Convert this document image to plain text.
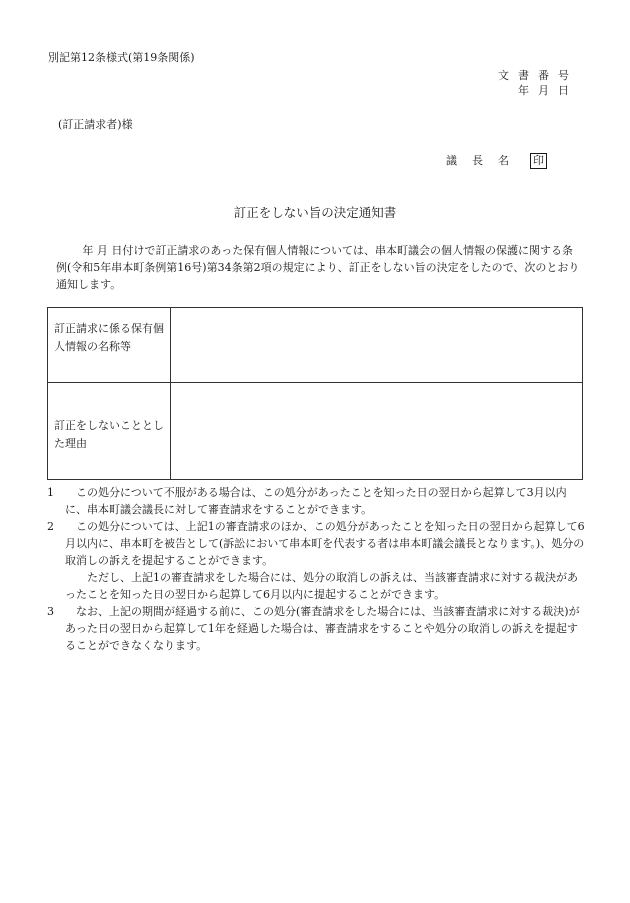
別記第12条様式(第19条関係)
文書番号
年月日
(訂正請求者)様
議 長 名 印
訂正をしない旨の決定通知書
年 月 日付けで訂正請求のあった保有個人情報については、串本町議会の個人情報の保護に関する条例(令和5年串本町条例第16号)第34条第2項の規定により、訂正をしない旨の決定をしたので、次のとおり通知します。
訂正請求に係る保有個人情報の名称等	
訂正をしないこととした理由	
1	この処分について不服がある場合は、この処分があったことを知った日の翌日から起算して3月以内に、串本町議会議長に対して審査請求をすることができます。
2	この処分については、上記1の審査請求のほか、この処分があったことを知った日の翌日から起算して6月以内に、串本町を被告として(訴訟において串本町を代表する者は串本町議会議長となります。)、処分の取消しの訴えを提起することができます。
ただし、上記1の審査請求をした場合には、処分の取消しの訴えは、当該審査請求に対する裁決があったことを知った日の翌日から起算して6月以内に提起することができます。
3	なお、上記の期間が経過する前に、この処分(審査請求をした場合には、当該審査請求に対する裁決)があった日の翌日から起算して1年を経過した場合は、審査請求をすることや処分の取消しの訴えを提起することができなくなります。
